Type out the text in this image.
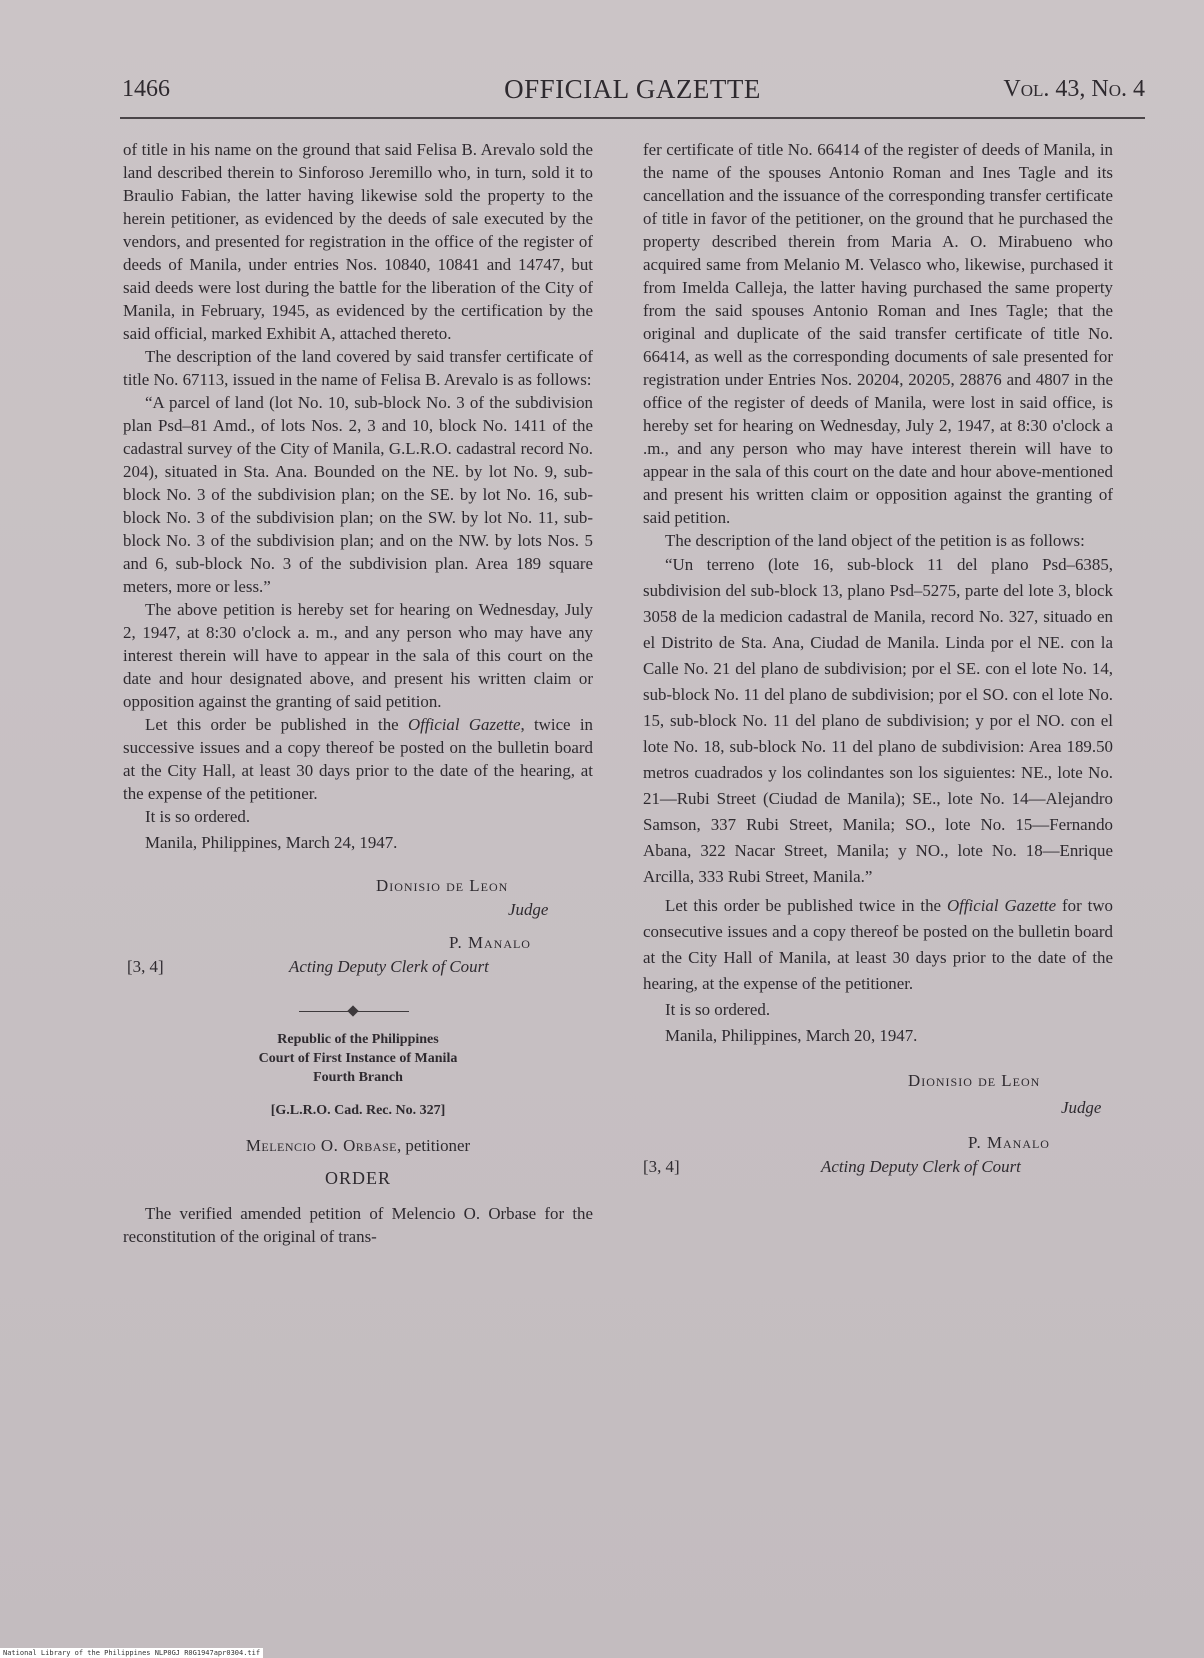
1466	OFFICIAL GAZETTE	Vol. 43, No. 4

of title in his name on the ground that said Felisa B. Arevalo sold the land described therein to Sinforoso Jeremillo who, in turn, sold it to Braulio Fabian, the latter having likewise sold the property to the herein petitioner, as evidenced by the deeds of sale executed by the vendors, and presented for registration in the office of the register of deeds of Manila, under entries Nos. 10840, 10841 and 14747, but said deeds were lost during the battle for the liberation of the City of Manila, in February, 1945, as evidenced by the certification by the said official, marked Exhibit A, attached thereto.

The description of the land covered by said transfer certificate of title No. 67113, issued in the name of Felisa B. Arevalo is as follows:

“A parcel of land (lot No. 10, sub-block No. 3 of the subdivision plan Psd–81 Amd., of lots Nos. 2, 3 and 10, block No. 1411 of the cadastral survey of the City of Manila, G.L.R.O. cadastral record No. 204), situated in Sta. Ana. Bounded on the NE. by lot No. 9, sub-block No. 3 of the subdivision plan; on the SE. by lot No. 16, sub-block No. 3 of the subdivision plan; on the SW. by lot No. 11, sub-block No. 3 of the subdivision plan; and on the NW. by lots Nos. 5 and 6, sub-block No. 3 of the subdivision plan. Area 189 square meters, more or less.”

The above petition is hereby set for hearing on Wednesday, July 2, 1947, at 8:30 o'clock a. m., and any person who may have any interest therein will have to appear in the sala of this court on the date and hour designated above, and present his written claim or opposition against the granting of said petition.

Let this order be published in the Official Gazette, twice in successive issues and a copy thereof be posted on the bulletin board at the City Hall, at least 30 days prior to the date of the hearing, at the expense of the petitioner.

It is so ordered.

Manila, Philippines, March 24, 1947.

Dionisio de Leon
Judge
P. Manalo
[3, 4]	Acting Deputy Clerk of Court
Republic of the Philippines
Court of First Instance of Manila
Fourth Branch
[G.L.R.O. Cad. Rec. No. 327]
Melencio O. Orbase, petitioner
ORDER

The verified amended petition of Melencio O. Orbase for the reconstitution of the original of trans-

fer certificate of title No. 66414 of the register of deeds of Manila, in the name of the spouses Antonio Roman and Ines Tagle and its cancellation and the issuance of the corresponding transfer certificate of title in favor of the petitioner, on the ground that he purchased the property described therein from Maria A. O. Mirabueno who acquired same from Melanio M. Velasco who, likewise, purchased it from Imelda Calleja, the latter having purchased the same property from the said spouses Antonio Roman and Ines Tagle; that the original and duplicate of the said transfer certificate of title No. 66414, as well as the corresponding documents of sale presented for registration under Entries Nos. 20204, 20205, 28876 and 4807 in the office of the register of deeds of Manila, were lost in said office, is hereby set for hearing on Wednesday, July 2, 1947, at 8:30 o'clock a .m., and any person who may have interest therein will have to appear in the sala of this court on the date and hour above-mentioned and present his written claim or opposition against the granting of said petition.

The description of the land object of the petition is as follows:

“Un terreno (lote 16, sub-block 11 del plano Psd–6385, subdivision del sub-block 13, plano Psd–5275, parte del lote 3, block 3058 de la medicion cadastral de Manila, record No. 327, situado en el Distrito de Sta. Ana, Ciudad de Manila. Linda por el NE. con la Calle No. 21 del plano de subdivision; por el SE. con el lote No. 14, sub-block No. 11 del plano de subdivision; por el SO. con el lote No. 15, sub-block No. 11 del plano de subdivision; y por el NO. con el lote No. 18, sub-block No. 11 del plano de subdivision: Area 189.50 metros cuadrados y los colindantes son los siguientes: NE., lote No. 21—Rubi Street (Ciudad de Manila); SE., lote No. 14—Alejandro Samson, 337 Rubi Street, Manila; SO., lote No. 15—Fernando Abana, 322 Nacar Street, Manila; y NO., lote No. 18—Enrique Arcilla, 333 Rubi Street, Manila.”

Let this order be published twice in the Official Gazette for two consecutive issues and a copy thereof be posted on the bulletin board at the City Hall of Manila, at least 30 days prior to the date of the hearing, at the expense of the petitioner.

It is so ordered.

Manila, Philippines, March 20, 1947.

Dionisio de Leon
Judge
P. Manalo
[3, 4]	Acting Deputy Clerk of Court
National Library of the Philippines NLP0GJ R0G1947apr0304.tif
